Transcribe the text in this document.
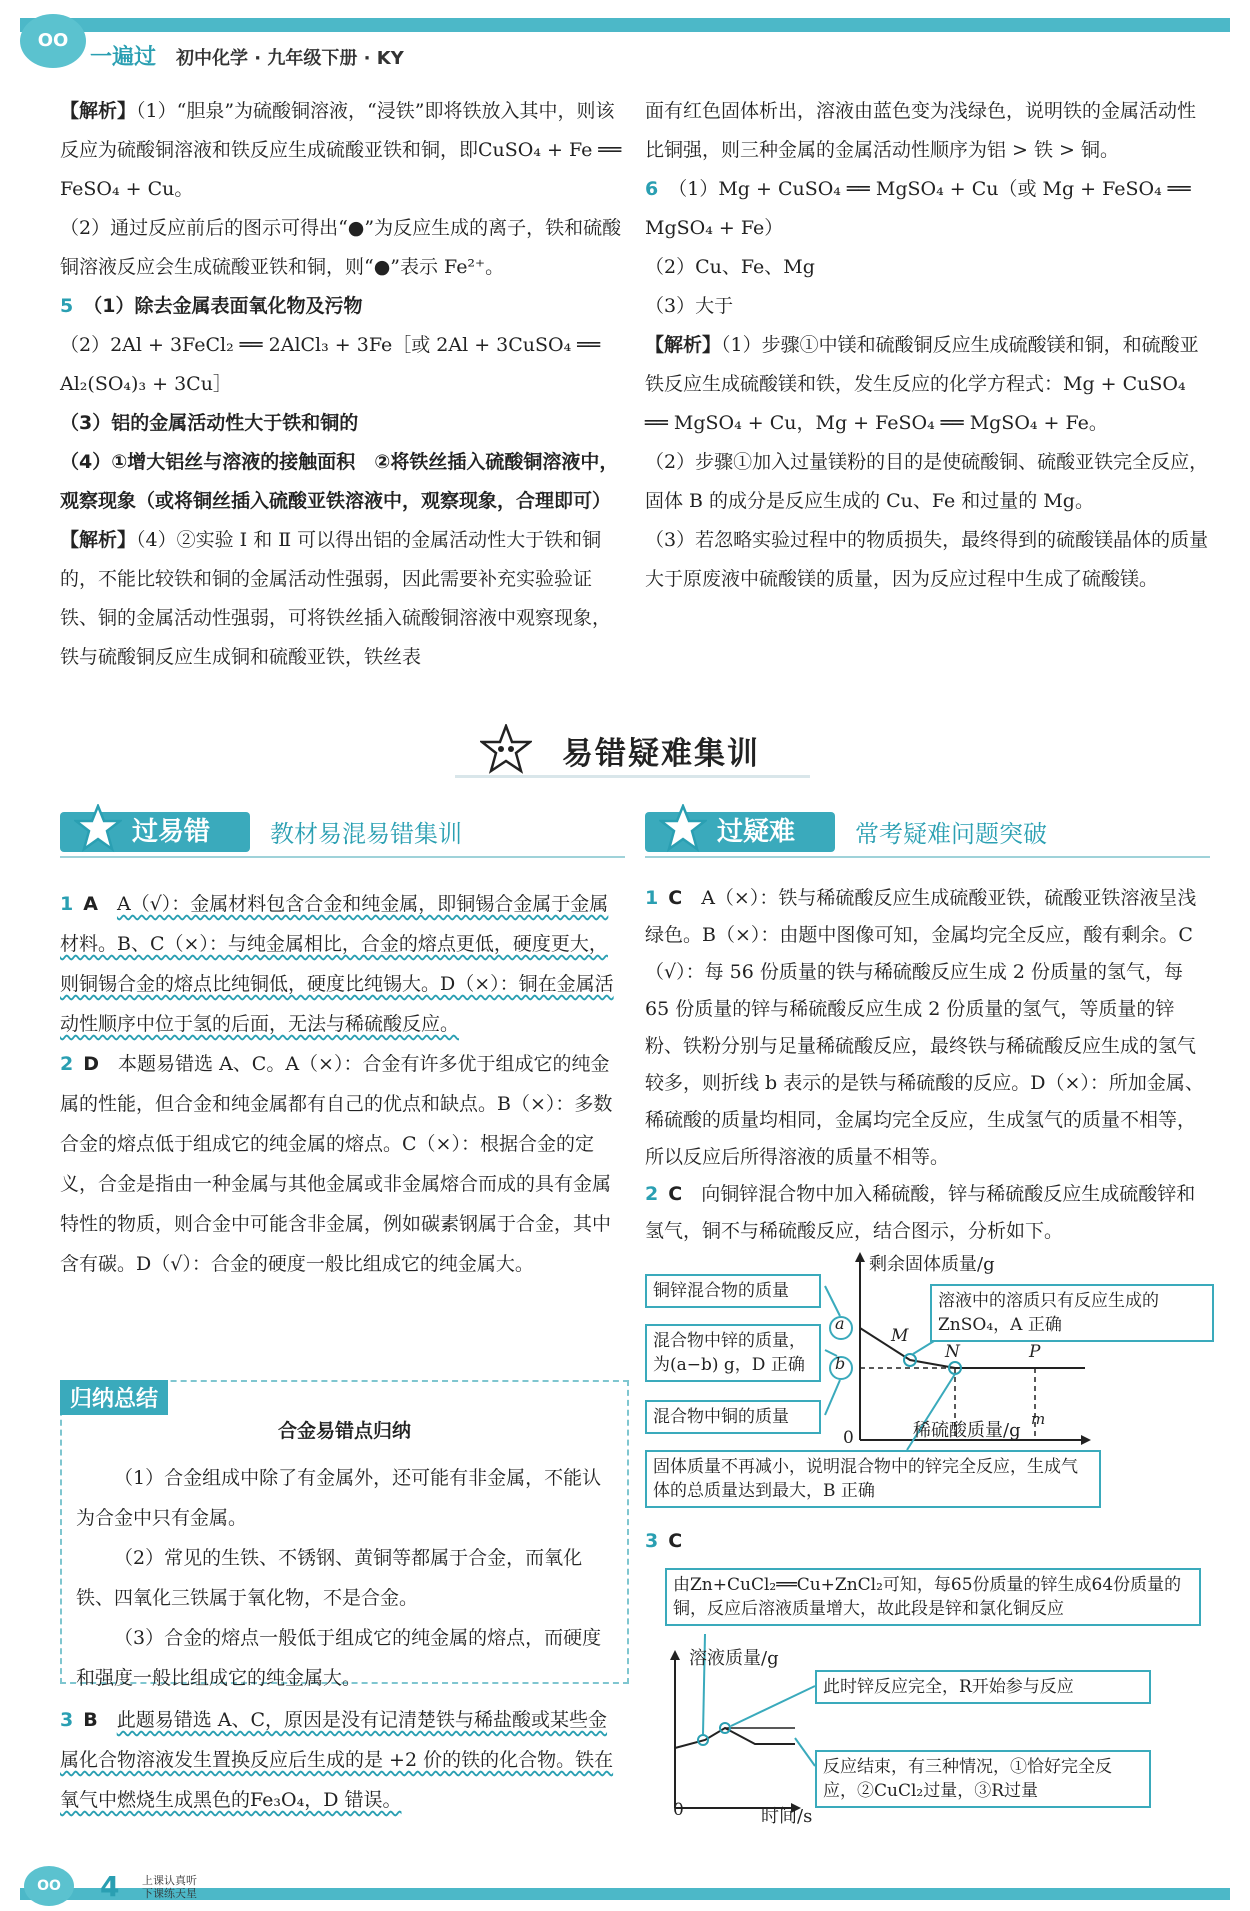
OO
一遍过 初中化学 · 九年级下册 · KY

【解析】（1）“胆泉”为硫酸铜溶液，“浸铁”即将铁放入其中，则该反应为硫酸铜溶液和铁反应生成硫酸亚铁和铜，即CuSO₄ + Fe ══ FeSO₄ + Cu。

（2）通过反应前后的图示可得出“●”为反应生成的离子，铁和硫酸铜溶液反应会生成硫酸亚铁和铜，则“●”表示 Fe²⁺。

5 （1）除去金属表面氧化物及污物

（2）2Al + 3FeCl₂ ══ 2AlCl₃ + 3Fe［或 2Al + 3CuSO₄ ══ Al₂(SO₄)₃ + 3Cu］

（3）铝的金属活动性大于铁和铜的

（4）①增大铝丝与溶液的接触面积　②将铁丝插入硫酸铜溶液中，观察现象（或将铜丝插入硫酸亚铁溶液中，观察现象，合理即可）

【解析】（4）②实验 Ⅰ 和 Ⅱ 可以得出铝的金属活动性大于铁和铜的，不能比较铁和铜的金属活动性强弱，因此需要补充实验验证铁、铜的金属活动性强弱，可将铁丝插入硫酸铜溶液中观察现象，铁与硫酸铜反应生成铜和硫酸亚铁，铁丝表

面有红色固体析出，溶液由蓝色变为浅绿色，说明铁的金属活动性比铜强，则三种金属的金属活动性顺序为铝 > 铁 > 铜。

6 （1）Mg + CuSO₄ ══ MgSO₄ + Cu（或 Mg + FeSO₄ ══ MgSO₄ + Fe）

（2）Cu、Fe、Mg

（3）大于

【解析】（1）步骤①中镁和硫酸铜反应生成硫酸镁和铜，和硫酸亚铁反应生成硫酸镁和铁，发生反应的化学方程式：Mg + CuSO₄ ══ MgSO₄ + Cu，Mg + FeSO₄ ══ MgSO₄ + Fe。

（2）步骤①加入过量镁粉的目的是使硫酸铜、硫酸亚铁完全反应，固体 B 的成分是反应生成的 Cu、Fe 和过量的 Mg。

（3）若忽略实验过程中的物质损失，最终得到的硫酸镁晶体的质量大于原废液中硫酸镁的质量，因为反应过程中生成了硫酸镁。

易错疑难集训
过易错	教材易混易错集训	过疑难	常考疑难问题突破

1 A　 A（√）：金属材料包含合金和纯金属，即铜锡合金属于金属材料。B、C（×）：与纯金属相比，合金的熔点更低，硬度更大，则铜锡合金的熔点比纯铜低，硬度比纯锡大。D（×）：铜在金属活动性顺序中位于氢的后面，无法与稀硫酸反应。

2 D　 本题易错选 A、C。A（×）：合金有许多优于组成它的纯金属的性能，但合金和纯金属都有自己的优点和缺点。B（×）：多数合金的熔点低于组成它的纯金属的熔点。C（×）：根据合金的定义，合金是指由一种金属与其他金属或非金属熔合而成的具有金属特性的物质，则合金中可能含非金属，例如碳素钢属于合金，其中含有碳。D（√）：合金的硬度一般比组成它的纯金属大。

归纳总结
合金易错点归纳

（1）合金组成中除了有金属外，还可能有非金属，不能认为合金中只有金属。

（2）常见的生铁、不锈钢、黄铜等都属于合金，而氧化铁、四氧化三铁属于氧化物，不是合金。

（3）合金的熔点一般低于组成它的纯金属的熔点，而硬度和强度一般比组成它的纯金属大。

3 B　 此题易错选 A、C，原因是没有记清楚铁与稀盐酸或某些金属化合物溶液发生置换反应后生成的是 +2 价的铁的化合物。铁在氧气中燃烧生成黑色的Fe₃O₄，D 错误。

1 C　 A（×）：铁与稀硫酸反应生成硫酸亚铁，硫酸亚铁溶液呈浅绿色。B（×）：由题中图像可知，金属均完全反应，酸有剩余。C（√）：每 56 份质量的铁与稀硫酸反应生成 2 份质量的氢气，每 65 份质量的锌与稀硫酸反应生成 2 份质量的氢气，等质量的锌粉、铁粉分别与足量稀硫酸反应，最终铁与稀硫酸反应生成的氢气较多，则折线 b 表示的是铁与稀硫酸的反应。D（×）：所加金属、稀硫酸的质量均相同，金属均完全反应，生成氢气的质量不相等，所以反应后所得溶液的质量不相等。

2 C　 向铜锌混合物中加入稀硫酸，锌与稀硫酸反应生成硫酸锌和氢气，铜不与稀硫酸反应，结合图示，分析如下。

剩余固体质量/g
稀硫酸质量/g
0
a
b
M
N	P
m
铜锌混合物的质量
混合物中锌的质量，为(a−b) g，D 正确
混合物中铜的质量
溶液中的溶质只有反应生成的ZnSO₄，A 正确
固体质量不再减小，说明混合物中的锌完全反应，生成气体的总质量达到最大，B 正确

3 C

由Zn+CuCl₂══Cu+ZnCl₂可知，每65份质量的锌生成64份质量的铜，反应后溶液质量增大，故此段是锌和氯化铜反应
溶液质量/g
时间/s
0
此时锌反应完全，R开始参与反应
反应结束，有三种情况，①恰好完全反应，②CuCl₂过量，③R过量
OO	4 上课认真听
下课练天星
